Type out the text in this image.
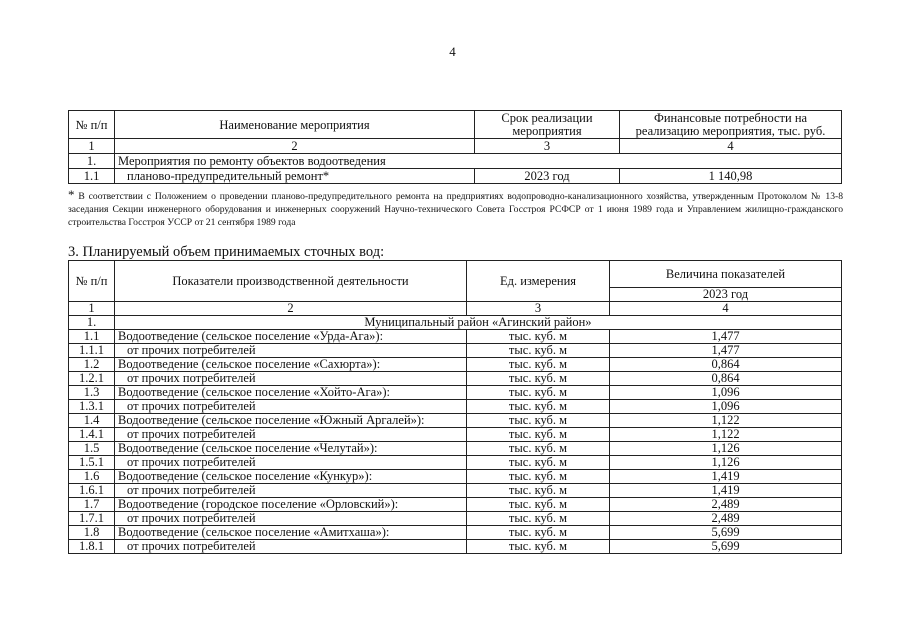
4
№ п/п	Наименование мероприятия	Срок реализации мероприятия	Финансовые потребности на реализацию мероприятия, тыс. руб.
1	2	3	4
1.	Мероприятия по ремонту объектов водоотведения		
1.1	планово-предупредительный ремонт*	2023 год	1 140,98
* В соответствии с Положением о проведении планово-предупредительного ремонта на предприятиях водопроводно-канализационного хозяйства, утвержденным Протоколом № 13-8 заседания Секции инженерного оборудования и инженерных сооружений Научно-технического Совета Госстроя РСФСР от 1 июня 1989 года и Управлением жилищно-гражданского строительства Госстроя УССР от 21 сентября 1989 года
3. Планируемый объем принимаемых сточных вод:
№ п/п	Показатели производственной деятельности	Ед. измерения	Величина показателей
			2023 год
1	2	3	4
1.	Муниципальный район «Агинский район»		
1.1	Водоотведение (сельское поселение «Урда-Ага»):	тыс. куб. м	1,477
1.1.1	от прочих потребителей	тыс. куб. м	1,477
1.2	Водоотведение (сельское поселение «Сахюрта»):	тыс. куб. м	0,864
1.2.1	от прочих потребителей	тыс. куб. м	0,864
1.3	Водоотведение (сельское поселение «Хойто-Ага»):	тыс. куб. м	1,096
1.3.1	от прочих потребителей	тыс. куб. м	1,096
1.4	Водоотведение (сельское поселение «Южный Аргалей»):	тыс. куб. м	1,122
1.4.1	от прочих потребителей	тыс. куб. м	1,122
1.5	Водоотведение (сельское поселение «Челутай»):	тыс. куб. м	1,126
1.5.1	от прочих потребителей	тыс. куб. м	1,126
1.6	Водоотведение (сельское поселение «Кункур»):	тыс. куб. м	1,419
1.6.1	от прочих потребителей	тыс. куб. м	1,419
1.7	Водоотведение (городское поселение «Орловский»):	тыс. куб. м	2,489
1.7.1	от прочих потребителей	тыс. куб. м	2,489
1.8	Водоотведение (сельское поселение «Амитхаша»):	тыс. куб. м	5,699
1.8.1	от прочих потребителей	тыс. куб. м	5,699
